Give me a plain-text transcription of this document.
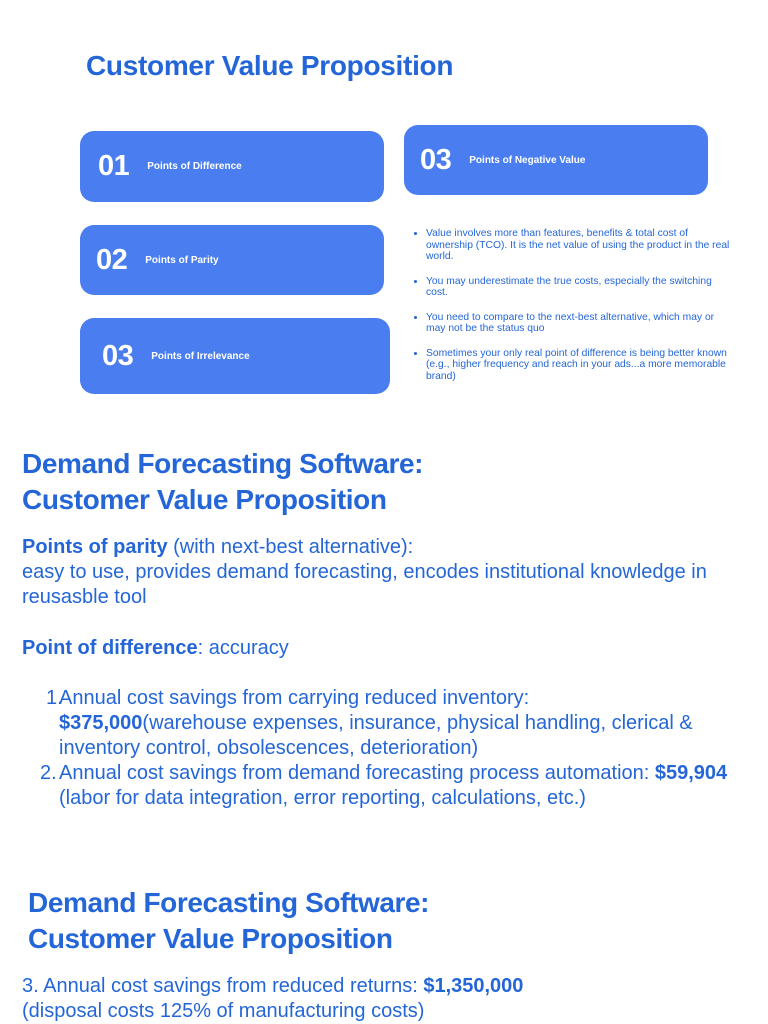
Customer Value Proposition
01 Points of Difference
02 Points of Parity
03 Points of Irrelevance
03 Points of Negative Value
• Value involves more than features, benefits & total cost of ownership (TCO). It is the net value of using the product in the real world.
• You may underestimate the true costs, especially the switching cost.
• You need to compare to the next-best alternative, which may or may not be the status quo
• Sometimes your only real point of difference is being better known (e.g., higher frequency and reach in your ads...a more memorable brand)
Demand Forecasting Software:
Customer Value Proposition
Points of parity (with next-best alternative):
easy to use, provides demand forecasting, encodes institutional knowledge in reusasble tool
Point of difference: accuracy
1.
Annual cost savings from carrying reduced inventory:
$375,000(warehouse expenses, insurance, physical handling, clerical & inventory control, obsolescences, deterioration)
2. Annual cost savings from demand forecasting process automation: $59,904 (labor for data integration, error reporting, calculations, etc.)
Demand Forecasting Software:
Customer Value Proposition
3. Annual cost savings from reduced returns: $1,350,000
(disposal costs 125% of manufacturing costs)
